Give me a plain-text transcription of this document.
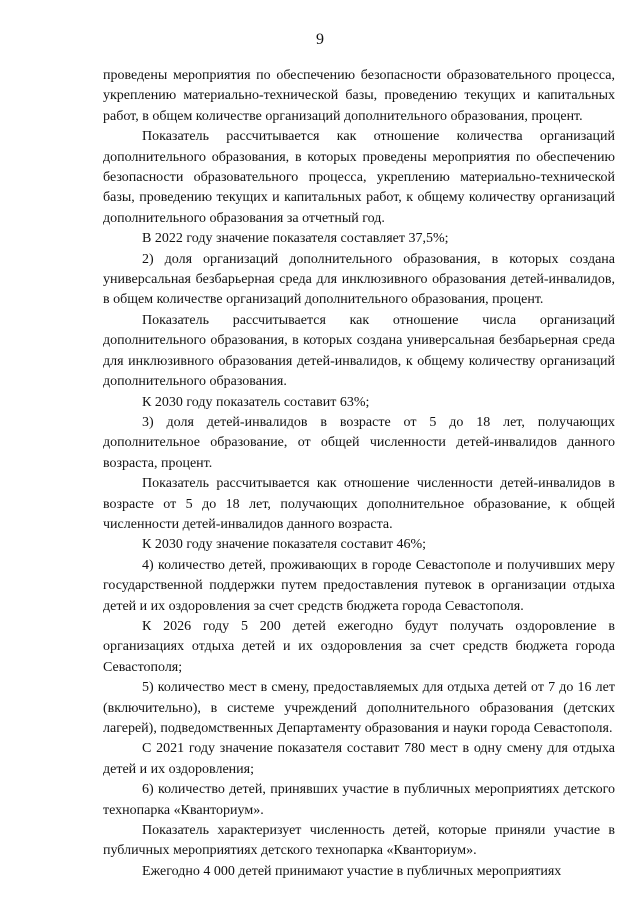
9

проведены мероприятия по обеспечению безопасности образовательного процесса, укреплению материально-технической базы, проведению текущих и капитальных работ, в общем количестве организаций дополнительного образования, процент.

Показатель рассчитывается как отношение количества организаций дополнительного образования, в которых проведены мероприятия по обеспечению безопасности образовательного процесса, укреплению материально-технической базы, проведению текущих и капитальных работ, к общему количеству организаций дополнительного образования за отчетный год.

В 2022 году значение показателя составляет 37,5%;

2) доля организаций дополнительного образования, в которых создана универсальная безбарьерная среда для инклюзивного образования детей-инвалидов, в общем количестве организаций дополнительного образования, процент.

Показатель рассчитывается как отношение числа организаций дополнительного образования, в которых создана универсальная безбарьерная среда для инклюзивного образования детей-инвалидов, к общему количеству организаций дополнительного образования.

К 2030 году показатель составит 63%;

3) доля детей-инвалидов в возрасте от 5 до 18 лет, получающих дополнительное образование, от общей численности детей-инвалидов данного возраста, процент.

Показатель рассчитывается как отношение численности детей-инвалидов в возрасте от 5 до 18 лет, получающих дополнительное образование, к общей численности детей-инвалидов данного возраста.

К 2030 году значение показателя составит 46%;

4) количество детей, проживающих в городе Севастополе и получивших меру государственной поддержки путем предоставления путевок в организации отдыха детей и их оздоровления за счет средств бюджета города Севастополя.

К 2026 году 5 200 детей ежегодно будут получать оздоровление в организациях отдыха детей и их оздоровления за счет средств бюджета города Севастополя;

5) количество мест в смену, предоставляемых для отдыха детей от 7 до 16 лет (включительно), в системе учреждений дополнительного образования (детских лагерей), подведомственных Департаменту образования и науки города Севастополя.

С 2021 году значение показателя составит 780 мест в одну смену для отдыха детей и их оздоровления;

6) количество детей, принявших участие в публичных мероприятиях детского технопарка «Кванториум».

Показатель характеризует численность детей, которые приняли участие в публичных мероприятиях детского технопарка «Кванториум».

Ежегодно 4 000 детей принимают участие в публичных мероприятиях
